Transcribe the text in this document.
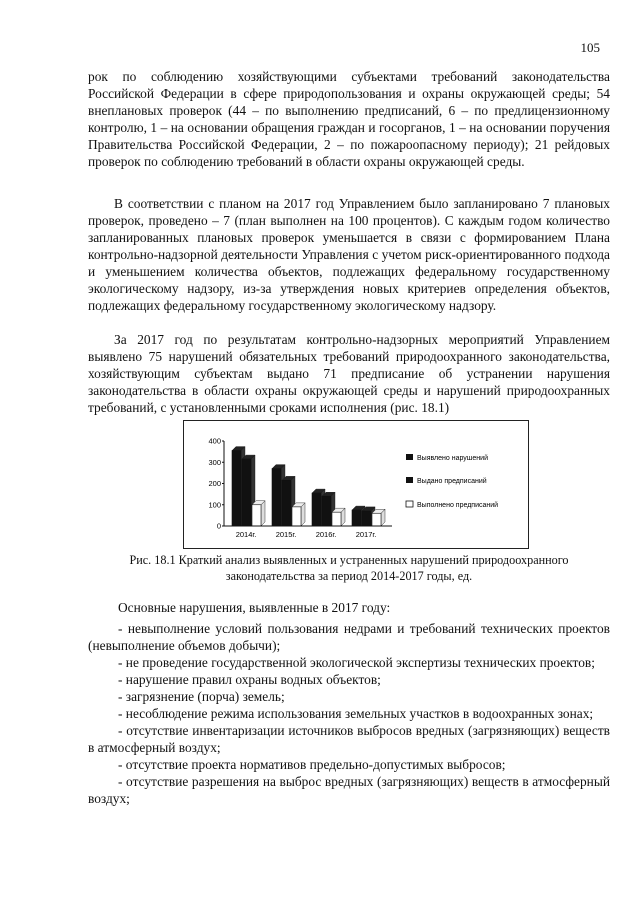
105

рок по соблюдению хозяйствующими субъектами требований законодательства Российской Федерации в сфере природопользования и охраны окружающей среды; 54 внеплановых проверок (44 – по выполнению предписаний, 6 – по предлицензионному контролю, 1 – на основании обращения граждан и госорганов, 1 – на основании поручения Правительства Российской Федерации, 2 – по пожароопасному периоду); 21 рейдовых проверок по соблюдению требований в области охраны окружающей среды.

В соответствии с планом на 2017 год Управлением было запланировано 7 плановых проверок, проведено – 7 (план выполнен на 100 процентов). С каждым годом количество запланированных плановых проверок уменьшается в связи с формированием Плана контрольно-надзорной деятельности Управления с учетом риск-ориентированного подхода и уменьшением количества объектов, подлежащих федеральному государственному экологическому надзору, из-за утверждения новых критериев определения объектов, подлежащих федеральному государственному экологическому надзору.

За 2017 год по результатам контрольно-надзорных мероприятий Управлением выявлено 75 нарушений обязательных требований природоохранного законодательства, хозяйствующим субъектам выдано 71 предписание об устранении нарушения законодательства в области охраны окружающей среды и нарушений природоохранных требований, с установленными сроками исполнения (рис. 18.1)

400
300
200
100
0
2014г.	2015г.	2016г.	2017г.
Выявлено нарушений
Выдано предписаний
Выполнено предписаний

Рис. 18.1 Краткий анализ выявленных и устраненных нарушений природоохранного законодательства за период 2014-2017 годы, ед.

Основные нарушения, выявленные в 2017 году:

- невыполнение условий пользования недрами и требований технических проектов (невыполнение объемов добычи);
- не проведение государственной экологической экспертизы технических проектов;
- нарушение правил охраны водных объектов;
- загрязнение (порча) земель;
- несоблюдение режима использования земельных участков в водоохранных зонах;
- отсутствие инвентаризации источников выбросов вредных (загрязняющих) веществ в атмосферный воздух;
- отсутствие проекта нормативов предельно-допустимых выбросов;
- отсутствие разрешения на выброс вредных (загрязняющих) веществ в атмосферный воздух;
